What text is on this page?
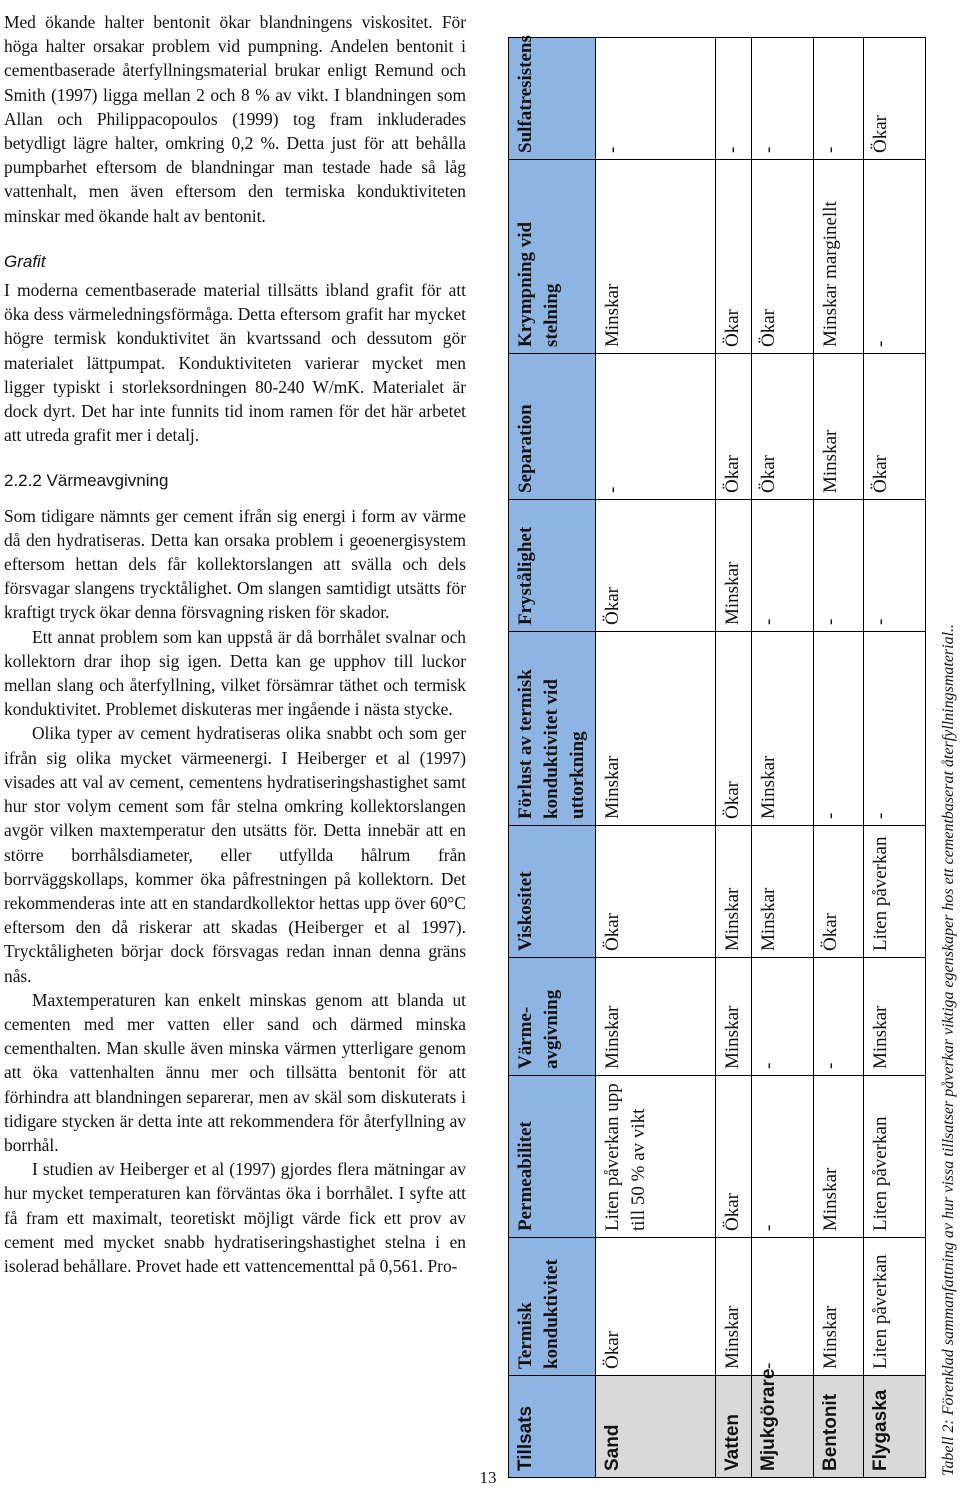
Med ökande halter bentonit ökar blandningens viskositet. För höga halter orsakar problem vid pumpning. Andelen bentonit i cementbaserade återfyllningsmaterial brukar enligt Remund och Smith (1997) ligga mellan 2 och 8 % av vikt. I blandningen som Allan och Philippacopoulos (1999) tog fram inkluderades betydligt lägre halter, omkring 0,2 %. Detta just för att behålla pumpbarhet eftersom de blandningar man testade hade så låg vattenhalt, men även eftersom den termiska konduktiviteten minskar med ökande halt av bentonit.

Grafit

I moderna cementbaserade material tillsätts ibland grafit för att öka dess värmeledningsförmåga. Detta eftersom grafit har mycket högre termisk konduktivitet än kvartssand och dessutom gör materialet lättpumpat. Konduktiviteten varierar mycket men ligger typiskt i storleksordningen 80-240 W/mK. Materialet är dock dyrt. Det har inte funnits tid inom ramen för det här arbetet att utreda grafit mer i detalj.

2.2.2 Värmeavgivning

Som tidigare nämnts ger cement ifrån sig energi i form av värme då den hydratiseras. Detta kan orsaka problem i geoenergisystem eftersom hettan dels får kollektorslangen att svälla och dels försvagar slangens trycktålighet. Om slangen samtidigt utsätts för kraftigt tryck ökar denna försvagning risken för skador.

Ett annat problem som kan uppstå är då borrhålet svalnar och kollektorn drar ihop sig igen. Detta kan ge upphov till luckor mellan slang och återfyllning, vilket försämrar täthet och termisk konduktivitet. Problemet diskuteras mer ingående i nästa stycke.

Olika typer av cement hydratiseras olika snabbt och som ger ifrån sig olika mycket värmeenergi. I Heiberger et al (1997) visades att val av cement, cementens hydratiseringshastighet samt hur stor volym cement som får stelna omkring kollektorslangen avgör vilken maxtemperatur den utsätts för. Detta innebär att en större borrhålsdiameter, eller utfyllda hålrum från borrväggskollaps, kommer öka påfrestningen på kollektorn. Det rekommenderas inte att en standardkollektor hettas upp över 60°C eftersom den då riskerar att skadas (Heiberger et al 1997). Trycktåligheten börjar dock försvagas redan innan denna gräns nås.

Maxtemperaturen kan enkelt minskas genom att blanda ut cementen med mer vatten eller sand och därmed minska cementhalten. Man skulle även minska värmen ytterligare genom att öka vattenhalten ännu mer och tillsätta bentonit för att förhindra att blandningen separerar, men av skäl som diskuterats i tidigare stycken är detta inte att rekommendera för återfyllning av borrhål.

I studien av Heiberger et al (1997) gjordes flera mätningar av hur mycket temperaturen kan förväntas öka i borrhålet. I syfte att få fram ett maximalt, teoretiskt möjligt värde fick ett prov av cement med mycket snabb hydratiseringshastighet stelna i en isolerad behållare. Provet hade ett vattencementtal på 0,561. Pro-

13
Tillsats	Termisk konduktivitet	Permeabilitet	Värme-avgivning	Viskositet	Förlust av termisk konduktivitet vid uttorkning	Frystålighet	Separation	Krympning vid stelning	Sulfatresistens
Sand	Ökar	Liten påverkan upp till 50 % av vikt	Minskar	Ökar	Minskar	Ökar	-	Minskar	-
Vatten	Minskar	Ökar	Minskar	Minskar	Ökar	Minskar	Ökar	Ökar	-
Mjukgörare	-	-	-	Minskar	Minskar	-	Ökar	Ökar	-
Bentonit	Minskar	Minskar	-	Ökar	-	-	Minskar	Minskar marginellt	-
Flygaska	Liten påverkan	Liten påverkan	Minskar	Liten påverkan	-	-	Ökar	-	Ökar
Tabell 2: Förenklad sammanfattning av hur vissa tillsatser påverkar viktiga egenskaper hos ett cementbaserat återfyllningsmaterial..
